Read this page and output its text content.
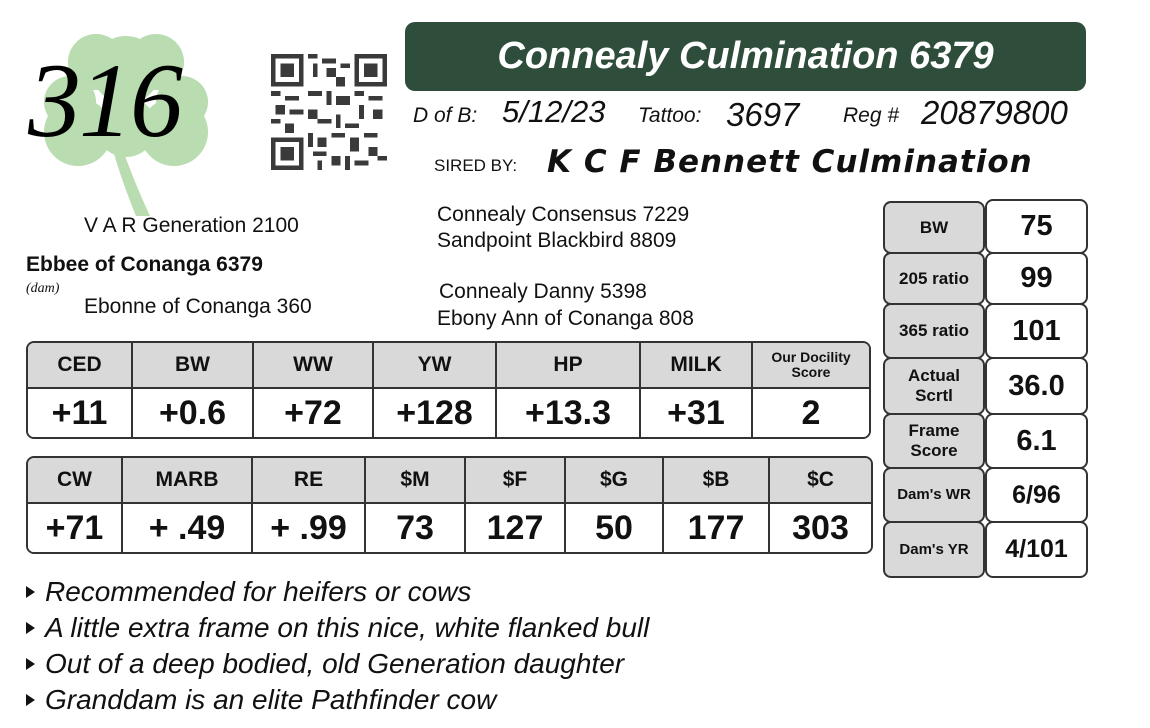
316	Connealy Culmination 6379
D of B: 5/12/23 Tattoo: 3697 Reg # 20879800
SIRED BY: K C F Bennett Culmination
V A R Generation 2100
Ebbee of Conanga 6379
(dam)
Ebonne of Conanga 360
Connealy Consensus 7229
Sandpoint Blackbird 8809
Connealy Danny 5398
Ebony Ann of Conanga 808
CED	BW	WW	YW	HP	MILK	Our Docility Score
+11	+0.6	+72	+128	+13.3	+31	2
CW	MARB	RE	$M	$F	$G	$B	$C
+71	+ .49	+ .99	73	127	50	177	303
BW	75
205 ratio	99
365 ratio	101
Actual Scrtl	36.0
Frame Score	6.1
Dam's WR	6/96
Dam's YR	4/101
Recommended for heifers or cows
A little extra frame on this nice, white flanked bull
Out of a deep bodied, old Generation daughter
Granddam is an elite Pathfinder cow
